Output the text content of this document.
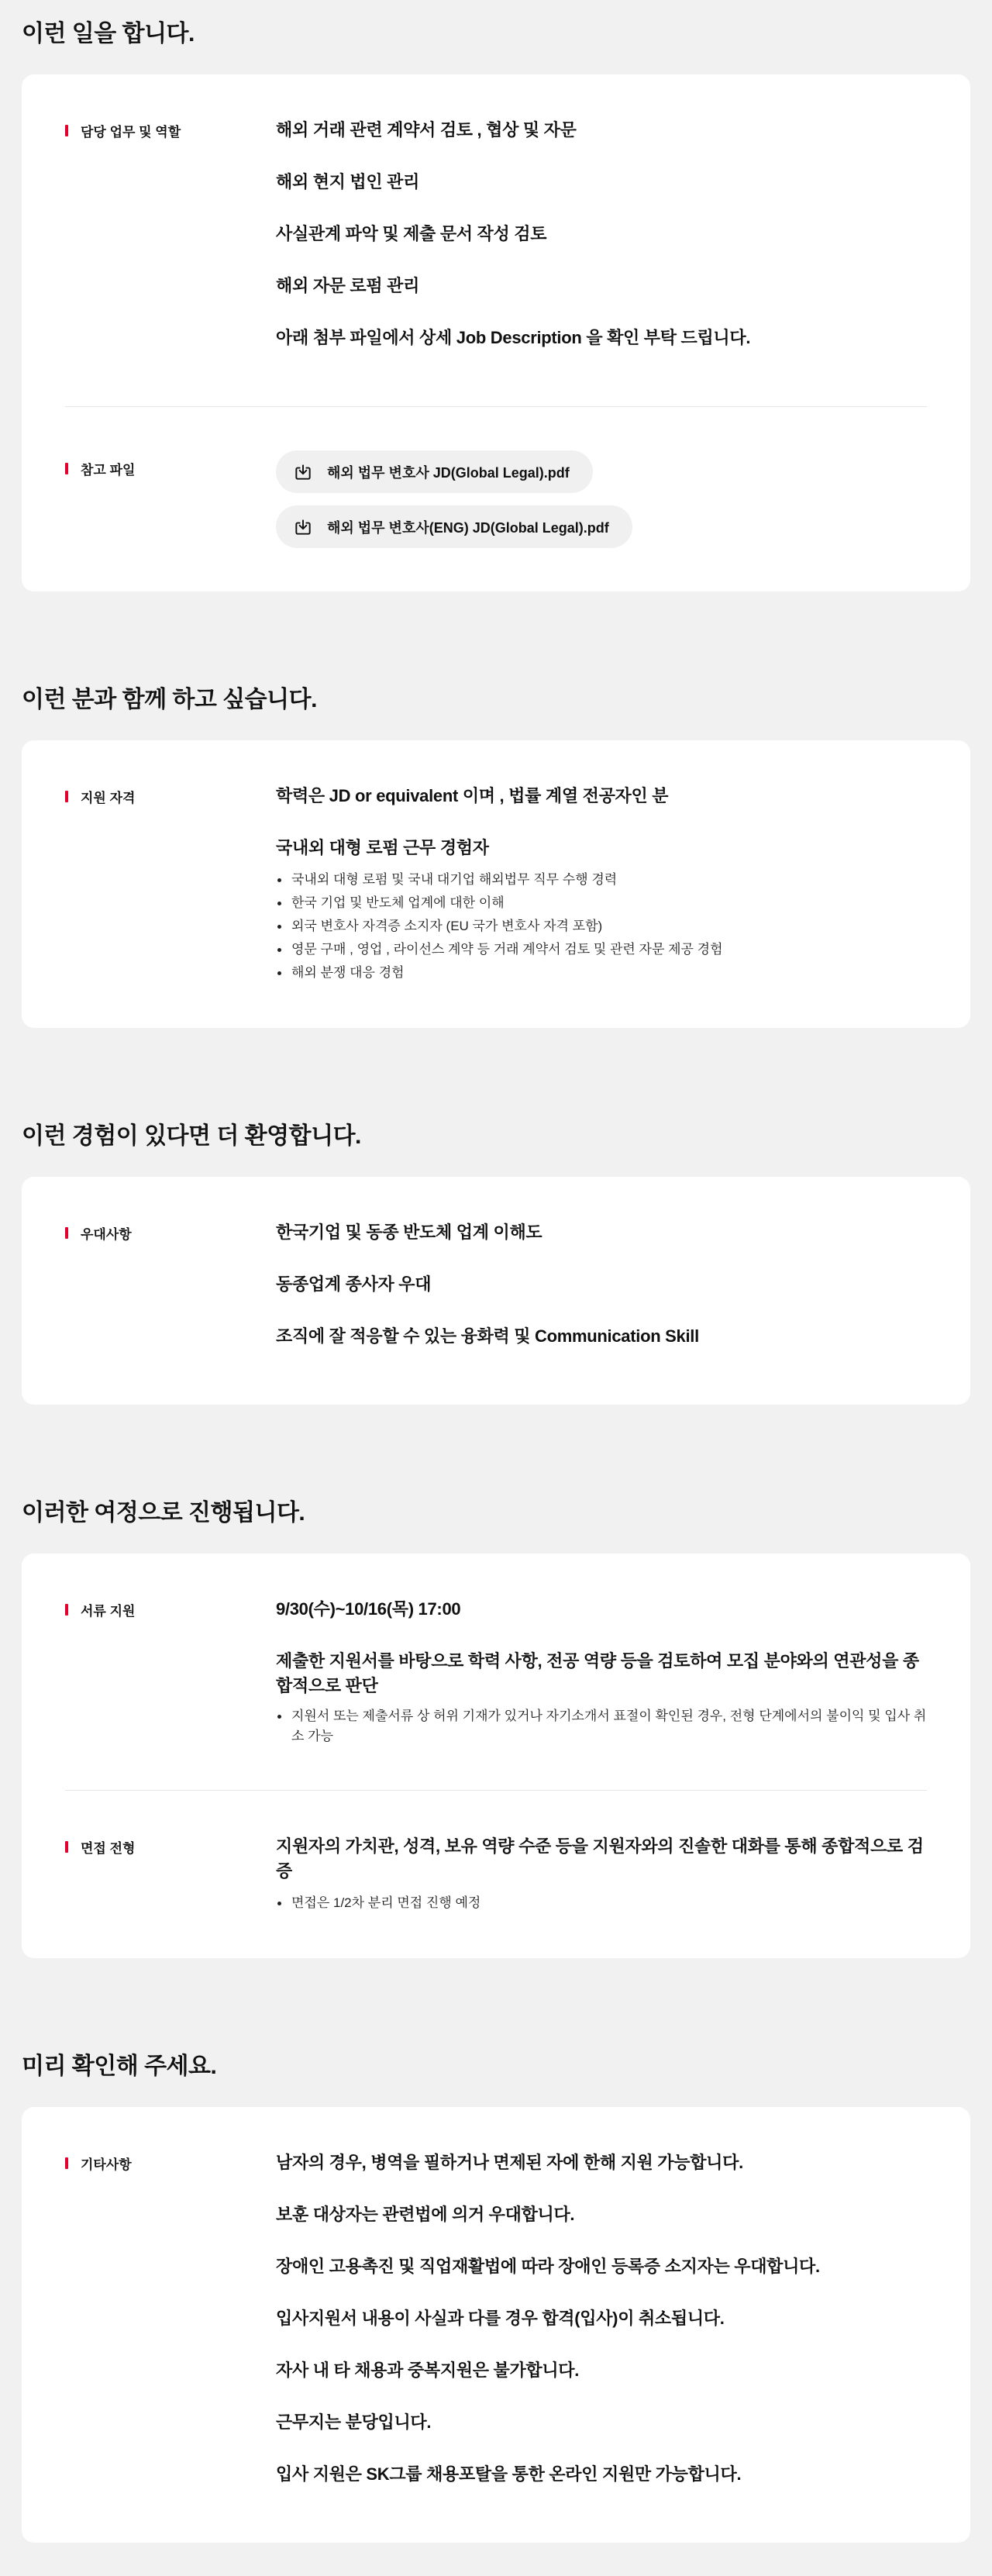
이런 일을 합니다.
담당 업무 및 역할	해외 거래 관련 계약서 검토 , 협상 및 자문
해외 현지 법인 관리
사실관계 파악 및 제출 문서 작성 검토
해외 자문 로펌 관리
아래 첨부 파일에서 상세 Job Description 을 확인 부탁 드립니다.
참고 파일	해외 법무 변호사 JD(Global Legal).pdf
해외 법무 변호사(ENG) JD(Global Legal).pdf
이런 분과 함께 하고 싶습니다.
지원 자격	학력은 JD or equivalent 이며 , 법률 계열 전공자인 분
국내외 대형 로펌 근무 경험자
국내외 대형 로펌 및 국내 대기업 해외법무 직무 수행 경력
한국 기업 및 반도체 업계에 대한 이해
외국 변호사 자격증 소지자 (EU 국가 변호사 자격 포함)
영문 구매 , 영업 , 라이선스 계약 등 거래 계약서 검토 및 관련 자문 제공 경험
해외 분쟁 대응 경험
이런 경험이 있다면 더 환영합니다.
우대사항	한국기업 및 동종 반도체 업계 이해도
동종업계 종사자 우대
조직에 잘 적응할 수 있는 융화력 및 Communication Skill
이러한 여정으로 진행됩니다.
서류 지원	9/30(수)~10/16(목) 17:00
제출한 지원서를 바탕으로 학력 사항, 전공 역량 등을 검토하여 모집 분야와의 연관성을 종합적으로 판단
지원서 또는 제출서류 상 허위 기재가 있거나 자기소개서 표절이 확인된 경우, 전형 단계에서의 불이익 및 입사 취소 가능
면접 전형	지원자의 가치관, 성격, 보유 역량 수준 등을 지원자와의 진솔한 대화를 통해 종합적으로 검증
면접은 1/2차 분리 면접 진행 예정
미리 확인해 주세요.
기타사항	남자의 경우, 병역을 필하거나 면제된 자에 한해 지원 가능합니다.
보훈 대상자는 관련법에 의거 우대합니다.
장애인 고용촉진 및 직업재활법에 따라 장애인 등록증 소지자는 우대합니다.
입사지원서 내용이 사실과 다를 경우 합격(입사)이 취소됩니다.
자사 내 타 채용과 중복지원은 불가합니다.
근무지는 분당입니다.
입사 지원은 SK그룹 채용포탈을 통한 온라인 지원만 가능합니다.
